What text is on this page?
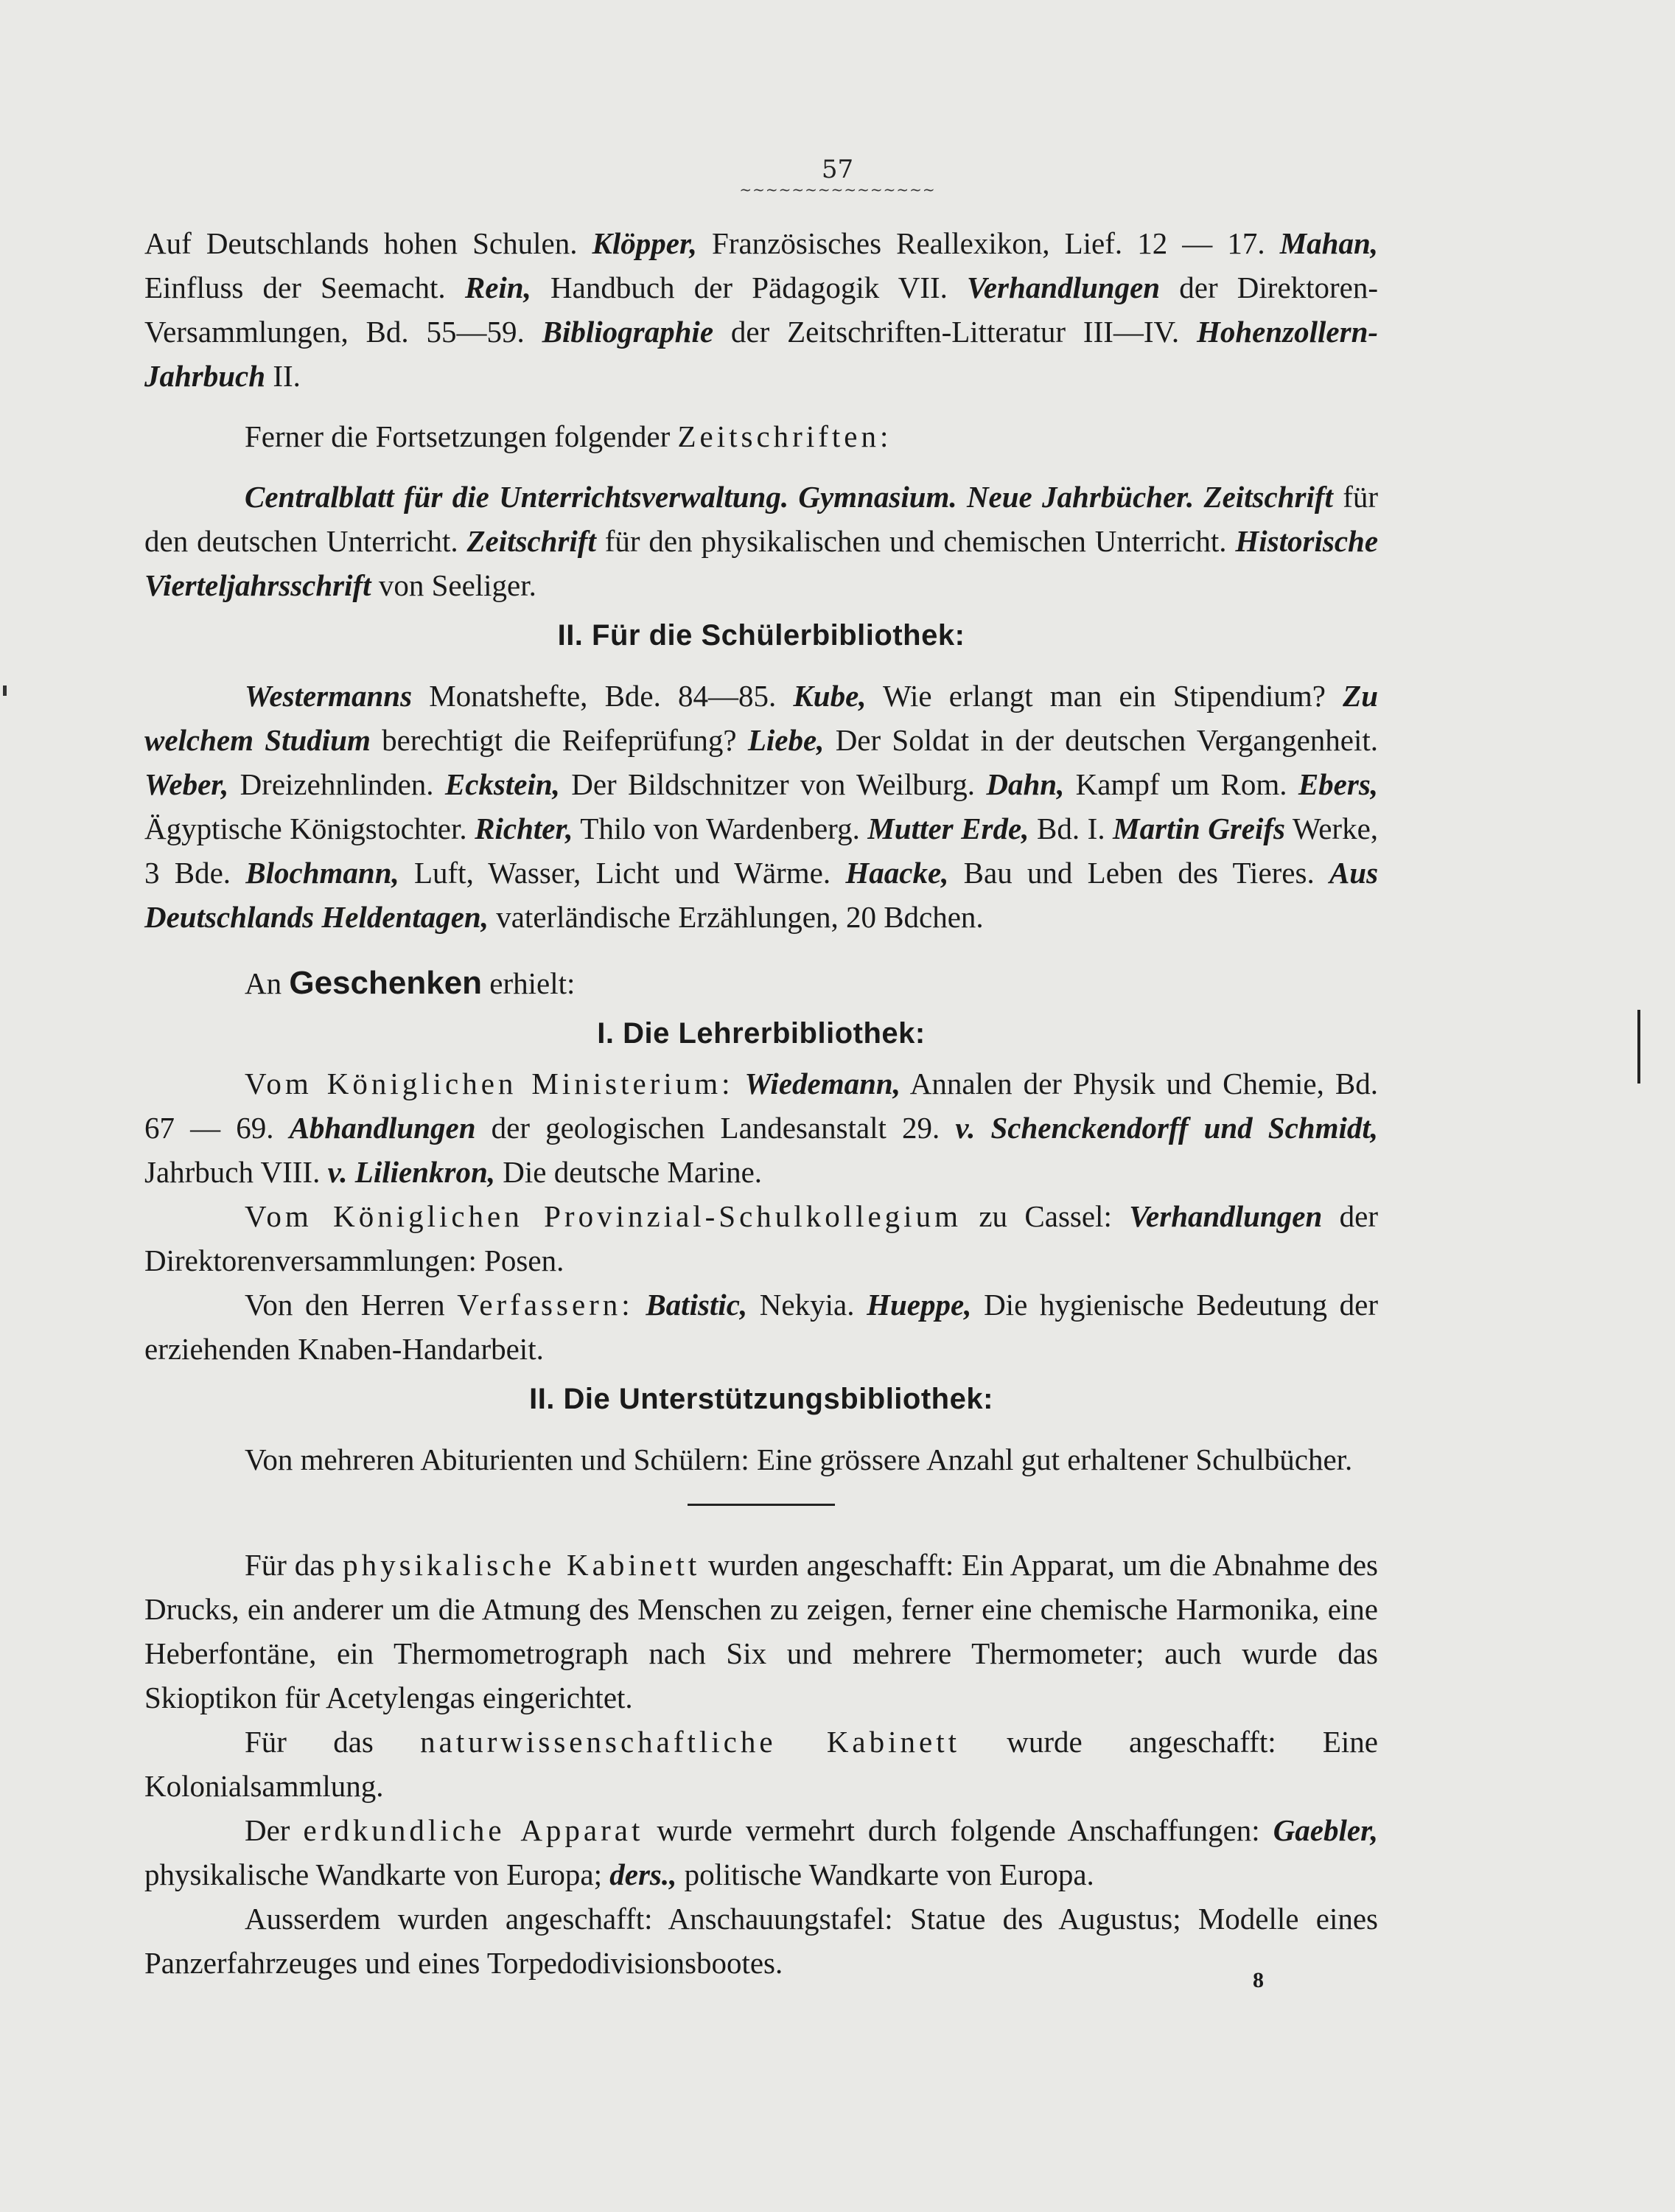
57
~~~~~~~~~~~~~~~

Auf Deutschlands hohen Schulen. Klöpper, Französisches Reallexikon, Lief. 12 — 17. Mahan, Einfluss der Seemacht. Rein, Handbuch der Pädagogik VII. Verhandlungen der Direktoren-Versammlungen, Bd. 55—59. Bibliographie der Zeitschriften-Litteratur III—IV. Hohenzollern-Jahrbuch II.

Ferner die Fortsetzungen folgender Zeitschriften:

Centralblatt für die Unterrichtsverwaltung. Gymnasium. Neue Jahrbücher. Zeitschrift für den deutschen Unterricht. Zeitschrift für den physikalischen und chemischen Unterricht. Historische Vierteljahrsschrift von Seeliger.

II. Für die Schülerbibliothek:

Westermanns Monatshefte, Bde. 84—85. Kube, Wie erlangt man ein Stipendium? Zu welchem Studium berechtigt die Reifeprüfung? Liebe, Der Soldat in der deutschen Vergangenheit. Weber, Dreizehnlinden. Eckstein, Der Bildschnitzer von Weilburg. Dahn, Kampf um Rom. Ebers, Ägyptische Königstochter. Richter, Thilo von Wardenberg. Mutter Erde, Bd. I. Martin Greifs Werke, 3 Bde. Blochmann, Luft, Wasser, Licht und Wärme. Haacke, Bau und Leben des Tieres. Aus Deutschlands Heldentagen, vaterländische Erzählungen, 20 Bdchen.

An Geschenken erhielt:

I. Die Lehrerbibliothek:

Vom Königlichen Ministerium: Wiedemann, Annalen der Physik und Chemie, Bd. 67 — 69. Abhandlungen der geologischen Landesanstalt 29. v. Schenckendorff und Schmidt, Jahrbuch VIII. v. Lilienkron, Die deutsche Marine.

Vom Königlichen Provinzial-Schulkollegium zu Cassel: Verhandlungen der Direktorenversammlungen: Posen.

Von den Herren Verfassern: Batistic, Nekyia. Hueppe, Die hygienische Bedeutung der erziehenden Knaben-Handarbeit.

II. Die Unterstützungsbibliothek:

Von mehreren Abiturienten und Schülern: Eine grössere Anzahl gut erhaltener Schulbücher.

Für das physikalische Kabinett wurden angeschafft: Ein Apparat, um die Abnahme des Drucks, ein anderer um die Atmung des Menschen zu zeigen, ferner eine chemische Harmonika, eine Heberfontäne, ein Thermometrograph nach Six und mehrere Thermometer; auch wurde das Skioptikon für Acetylengas eingerichtet.

Für das naturwissenschaftliche Kabinett wurde angeschafft: Eine Kolonialsammlung.

Der erdkundliche Apparat wurde vermehrt durch folgende Anschaffungen: Gaebler, physikalische Wandkarte von Europa; ders., politische Wandkarte von Europa.

Ausserdem wurden angeschafft: Anschauungstafel: Statue des Augustus; Modelle eines Panzerfahrzeuges und eines Torpedodivisionsbootes.

8
